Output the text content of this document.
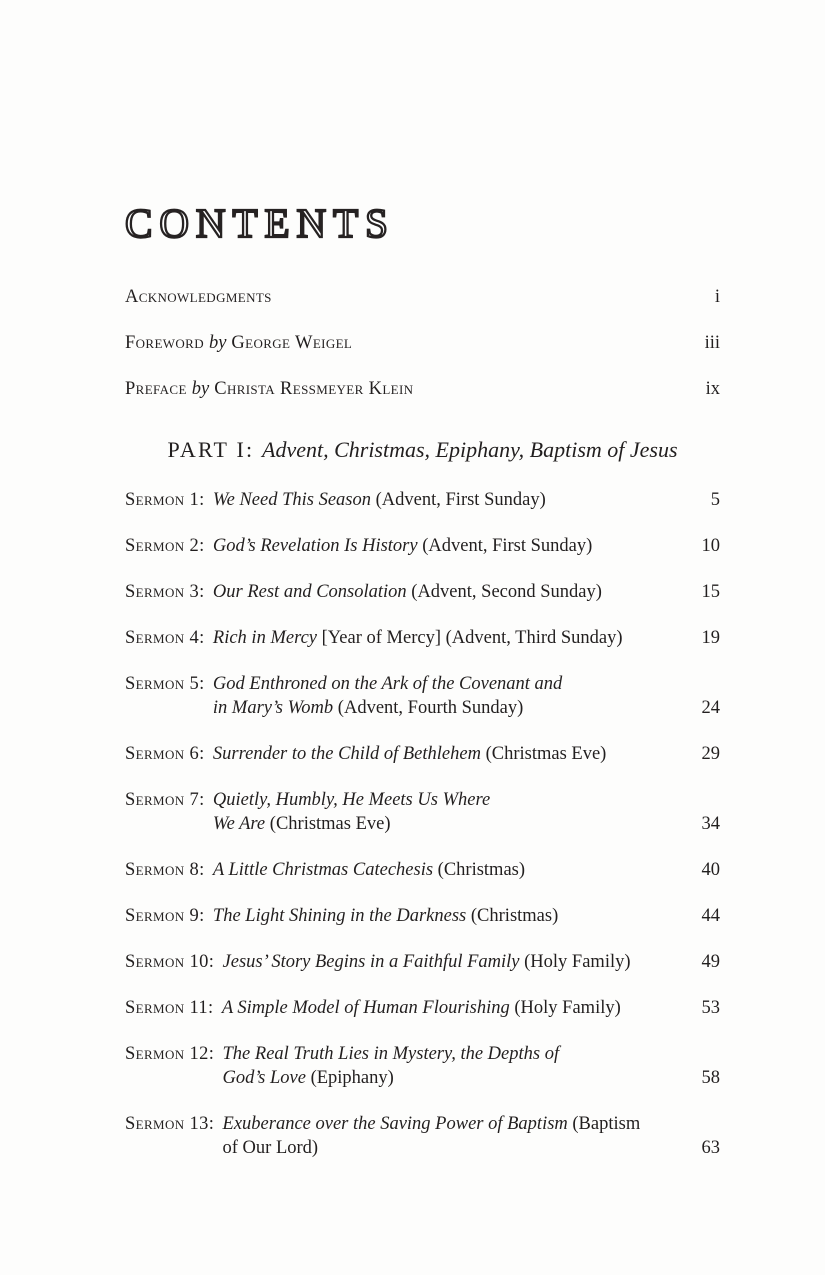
CONTENTS
Acknowledgments	i
Foreword by George Weigel	iii
Preface by Christa Ressmeyer Klein	ix
PART I: Advent, Christmas, Epiphany, Baptism of Jesus
Sermon 1: We Need This Season (Advent, First Sunday)	5
Sermon 2: God’s Revelation Is History (Advent, First Sunday)	10
Sermon 3: Our Rest and Consolation (Advent, Second Sunday)	15
Sermon 4: Rich in Mercy [Year of Mercy] (Advent, Third Sunday)	19
Sermon 5: God Enthroned on the Ark of the Covenant and
in Mary’s Womb (Advent, Fourth Sunday)	24
Sermon 6: Surrender to the Child of Bethlehem (Christmas Eve)	29
Sermon 7: Quietly, Humbly, He Meets Us Where
We Are (Christmas Eve)	34
Sermon 8: A Little Christmas Catechesis (Christmas)	40
Sermon 9: The Light Shining in the Darkness (Christmas)	44
Sermon 10: Jesus’ Story Begins in a Faithful Family (Holy Family)	49
Sermon 11: A Simple Model of Human Flourishing (Holy Family)	53
Sermon 12: The Real Truth Lies in Mystery, the Depths of
God’s Love (Epiphany)	58
Sermon 13: Exuberance over the Saving Power of Baptism (Baptism
of Our Lord)	63
